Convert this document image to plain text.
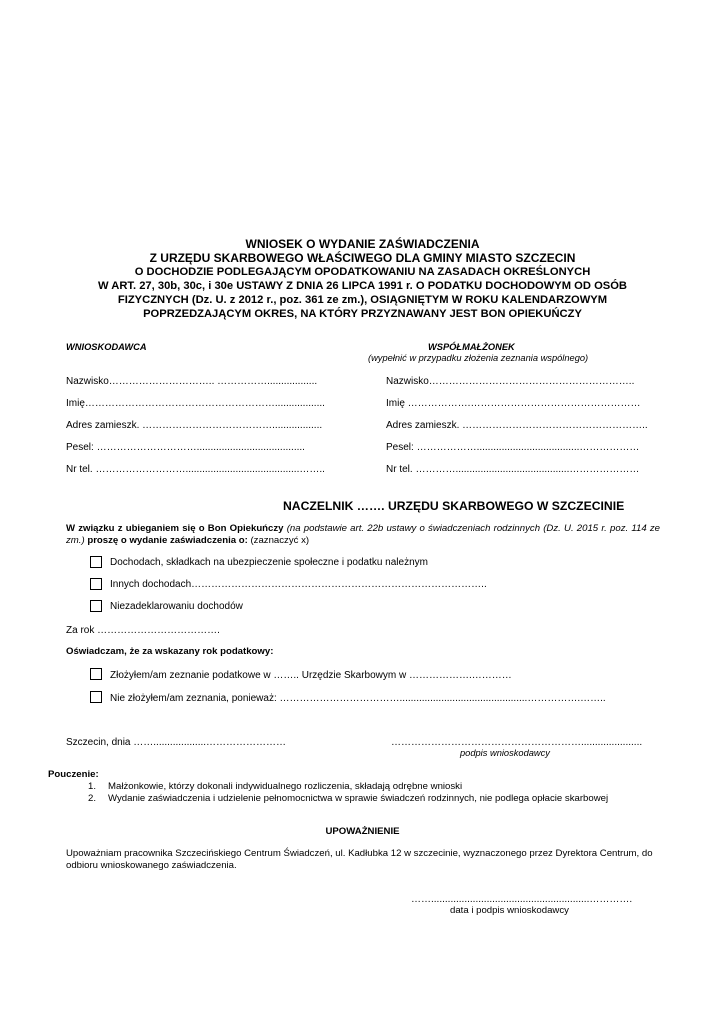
WNIOSEK O WYDANIE ZAŚWIADCZENIA
Z URZĘDU SKARBOWEGO WŁAŚCIWEGO DLA GMINY MIASTO SZCZECIN
O DOCHODZIE PODLEGAJĄCYM OPODATKOWANIU NA ZASADACH OKREŚLONYCH
W ART. 27, 30b, 30c, i 30e USTAWY Z DNIA 26 LIPCA 1991 r. O PODATKU DOCHODOWYM OD OSÓB
FIZYCZNYCH (Dz. U. z 2012 r., poz. 361 ze zm.), OSIĄGNIĘTYM W ROKU KALENDARZOWYM
POPRZEDZAJĄCYM OKRES, NA KTÓRY PRZYZNAWANY JEST BON OPIEKUŃCZY
WNIOSKODAWCA
Nazwisko………………………….. ……………..................
Imię…………………………………………………..................
Adres zamieszk. …………………………………..................
Pesel: ………………………….......................................
Nr tel. ……………………….........................................……..
WSPÓŁMAŁŻONEK
(wypełnić w przypadku złożenia zeznania wspólnego)
Nazwisko……………………………………………………..
Imię ……………….……………………………………………
Adres zamieszk. ………………………………………………..
Pesel: ……………….....................................………………
Nr tel. ………….........................................…………………
NACZELNIK ……. URZĘDU SKARBOWEGO W SZCZECINIE
W związku z ubieganiem się o Bon Opiekuńczy (na podstawie art. 22b ustawy o świadczeniach rodzinnych (Dz. U. 2015 r. poz. 114 ze zm.) proszę o wydanie zaświadczenia o: (zaznaczyć x)
Dochodach, składkach na ubezpieczenie społeczne i podatku należnym
Innych dochodach……………………………………………………………………………..
Niezadeklarowaniu dochodów
Za rok ……………………………….
Oświadczam, że za wskazany rok podatkowy:
Złożyłem/am zeznanie podatkowe w …….. Urzędzie Skarbowym w ……………….…………
Nie złożyłem/am zeznania, ponieważ: ………………………………..............................................…………….……..
Szczecin, dnia ……...................……………………	…………………………………………………......................
podpis wnioskodawcy
Pouczenie:
1. Małżonkowie, którzy dokonali indywidualnego rozliczenia, składają odrębne wnioski
2. Wydanie zaświadczenia i udzielenie pełnomocnictwa w sprawie świadczeń rodzinnych, nie podlega opłacie skarbowej
UPOWAŻNIENIE
Upoważniam pracownika Szczecińskiego Centrum Świadczeń, ul. Kadłubka 12 w szczecinie, wyznaczonego przez Dyrektora Centrum, do odbioru wnioskowanego zaświadczenia.
…….........................................................………….
data i podpis wnioskodawcy
